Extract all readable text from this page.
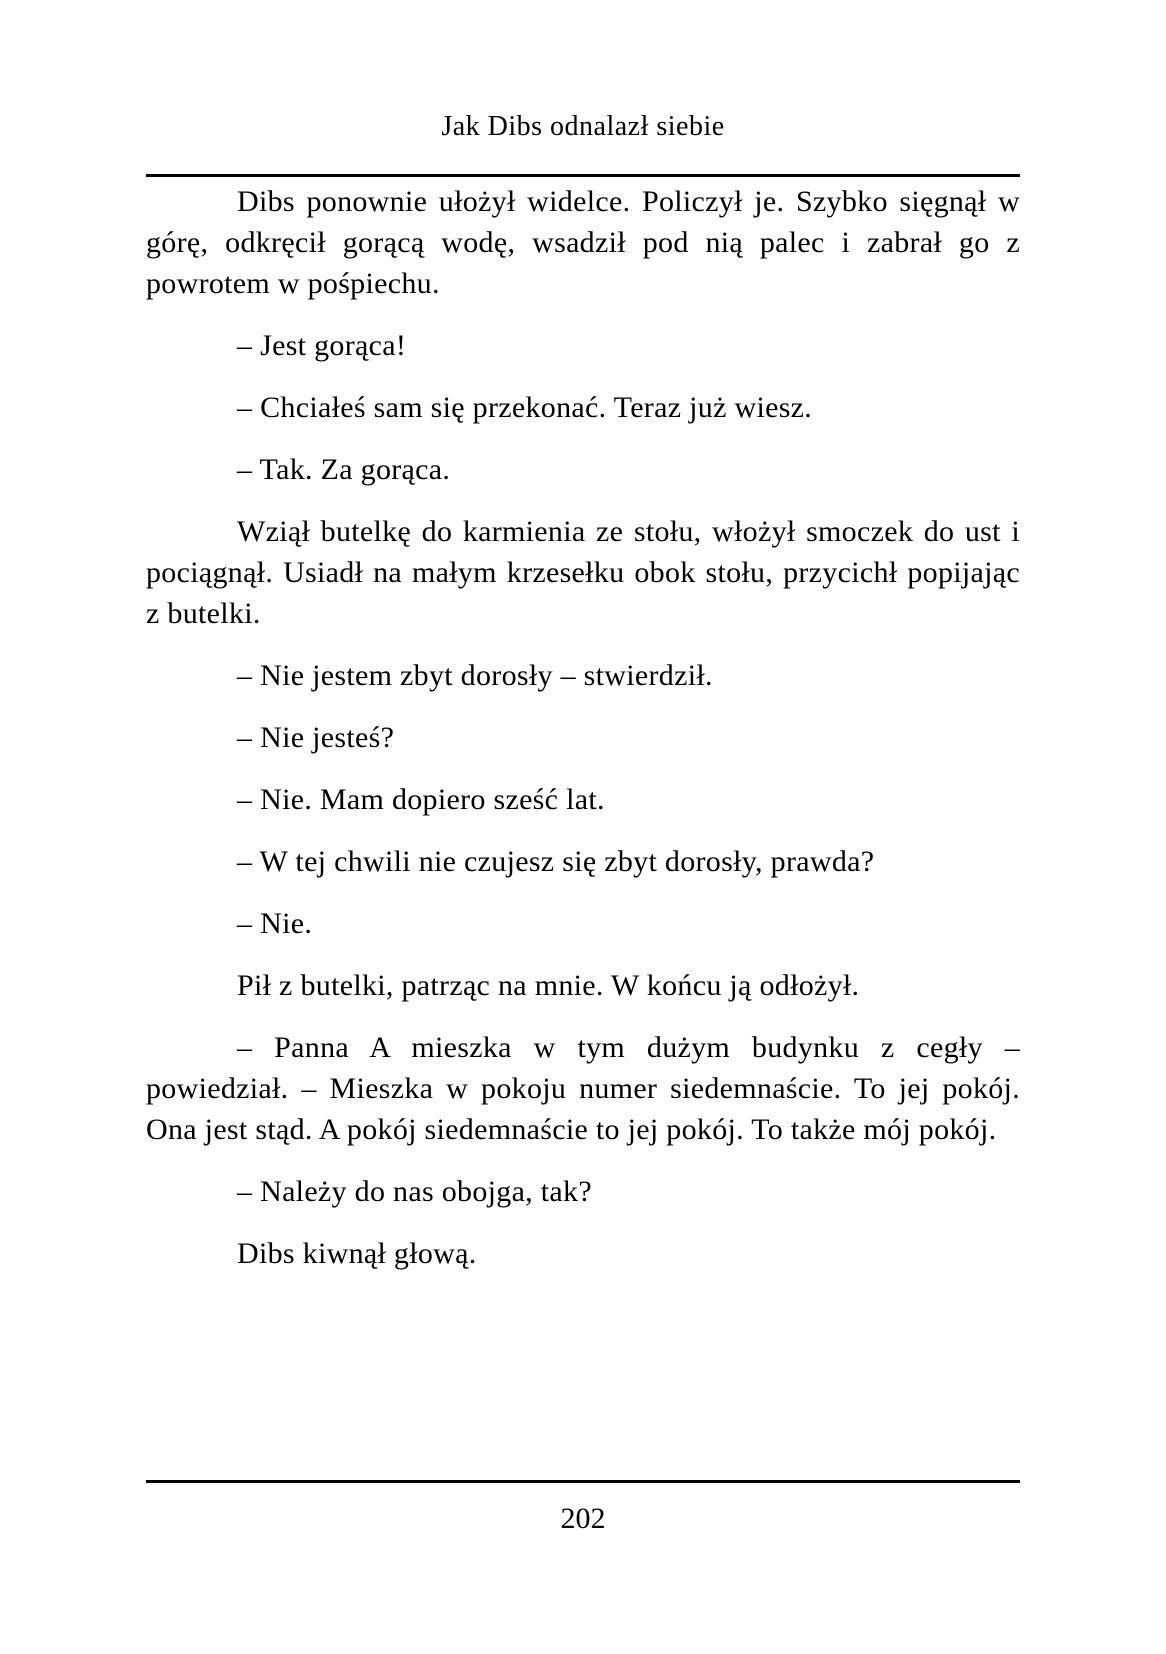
Jak Dibs odnalazł siebie

Dibs ponownie ułożył widelce. Policzył je. Szybko sięgnął w górę, odkręcił gorącą wodę, wsadził pod nią palec i zabrał go z powrotem w pośpiechu.

– Jest gorąca!

– Chciałeś sam się przekonać. Teraz już wiesz.

– Tak. Za gorąca.

Wziął butelkę do karmienia ze stołu, włożył smoczek do ust i pociągnął. Usiadł na małym krzesełku obok stołu, przycichł popijając z butelki.

– Nie jestem zbyt dorosły – stwierdził.

– Nie jesteś?

– Nie. Mam dopiero sześć lat.

– W tej chwili nie czujesz się zbyt dorosły, prawda?

– Nie.

Pił z butelki, patrząc na mnie. W końcu ją odłożył.

– Panna A mieszka w tym dużym budynku z cegły – powiedział. – Mieszka w pokoju numer siedemnaście. To jej pokój. Ona jest stąd. A pokój siedemnaście to jej pokój. To także mój pokój.

– Należy do nas obojga, tak?

Dibs kiwnął głową.

202
